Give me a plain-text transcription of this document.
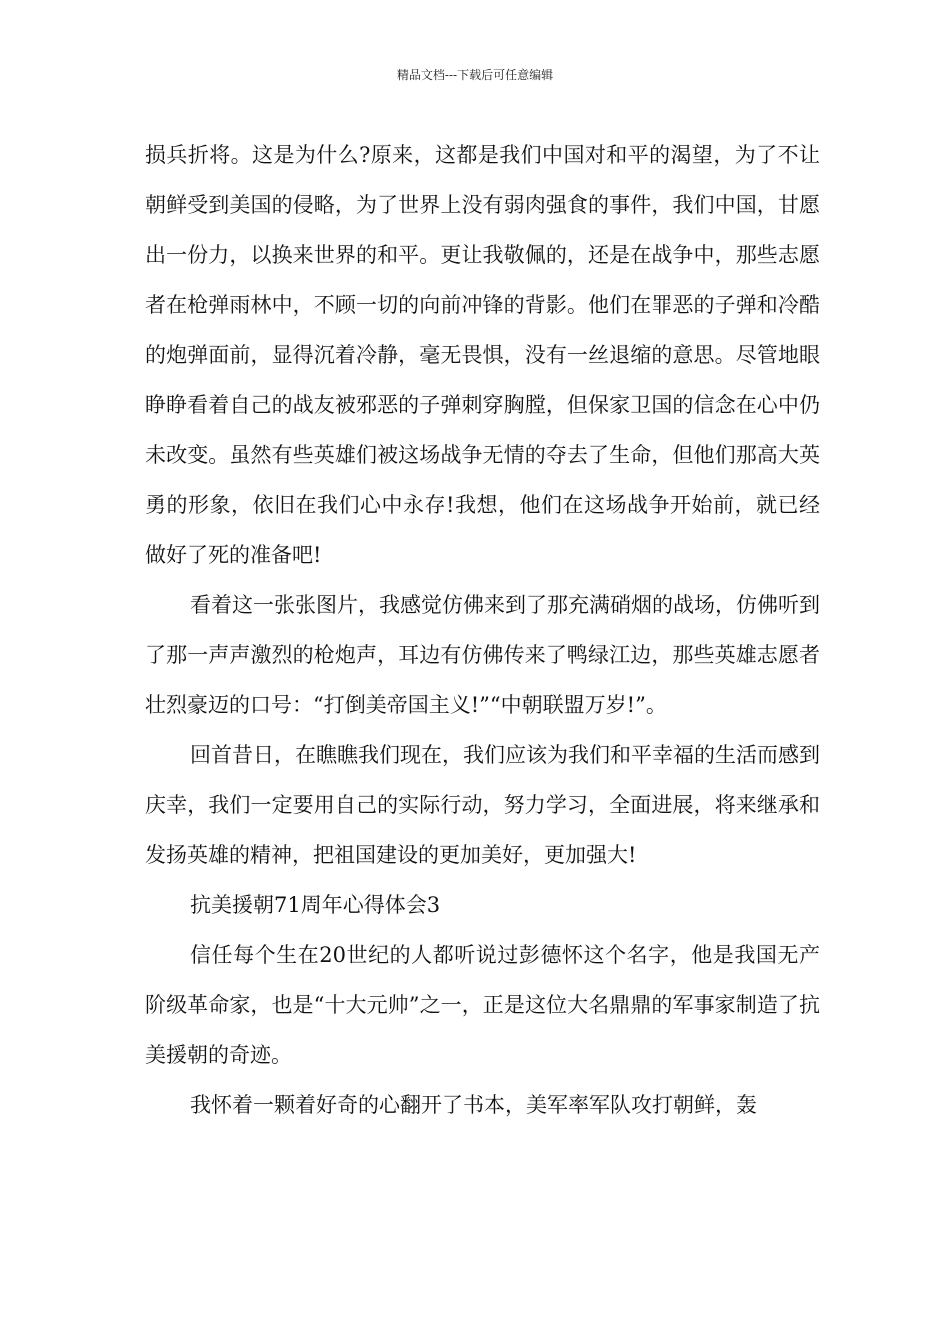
精品文档---下载后可任意编辑

损兵折将。这是为什么?原来，这都是我们中国对和平的渴望，为了不让朝鲜受到美国的侵略，为了世界上没有弱肉强食的事件，我们中国，甘愿出一份力，以换来世界的和平。更让我敬佩的，还是在战争中，那些志愿者在枪弹雨林中，不顾一切的向前冲锋的背影。他们在罪恶的子弹和冷酷的炮弹面前，显得沉着冷静，毫无畏惧，没有一丝退缩的意思。尽管地眼睁睁看着自己的战友被邪恶的子弹刺穿胸膛，但保家卫国的信念在心中仍未改变。虽然有些英雄们被这场战争无情的夺去了生命，但他们那高大英勇的形象，依旧在我们心中永存!我想，他们在这场战争开始前，就已经做好了死的准备吧!

看着这一张张图片，我感觉仿佛来到了那充满硝烟的战场，仿佛听到了那一声声激烈的枪炮声，耳边有仿佛传来了鸭绿江边，那些英雄志愿者壮烈豪迈的口号：“打倒美帝国主义!”“中朝联盟万岁!”。

回首昔日，在瞧瞧我们现在，我们应该为我们和平幸福的生活而感到庆幸，我们一定要用自己的实际行动，努力学习，全面进展，将来继承和发扬英雄的精神，把祖国建设的更加美好，更加强大!

抗美援朝71周年心得体会3

信任每个生在20世纪的人都听说过彭德怀这个名字，他是我国无产阶级革命家，也是“十大元帅”之一，正是这位大名鼎鼎的军事家制造了抗美援朝的奇迹。

我怀着一颗着好奇的心翻开了书本，美军率军队攻打朝鲜，轰
